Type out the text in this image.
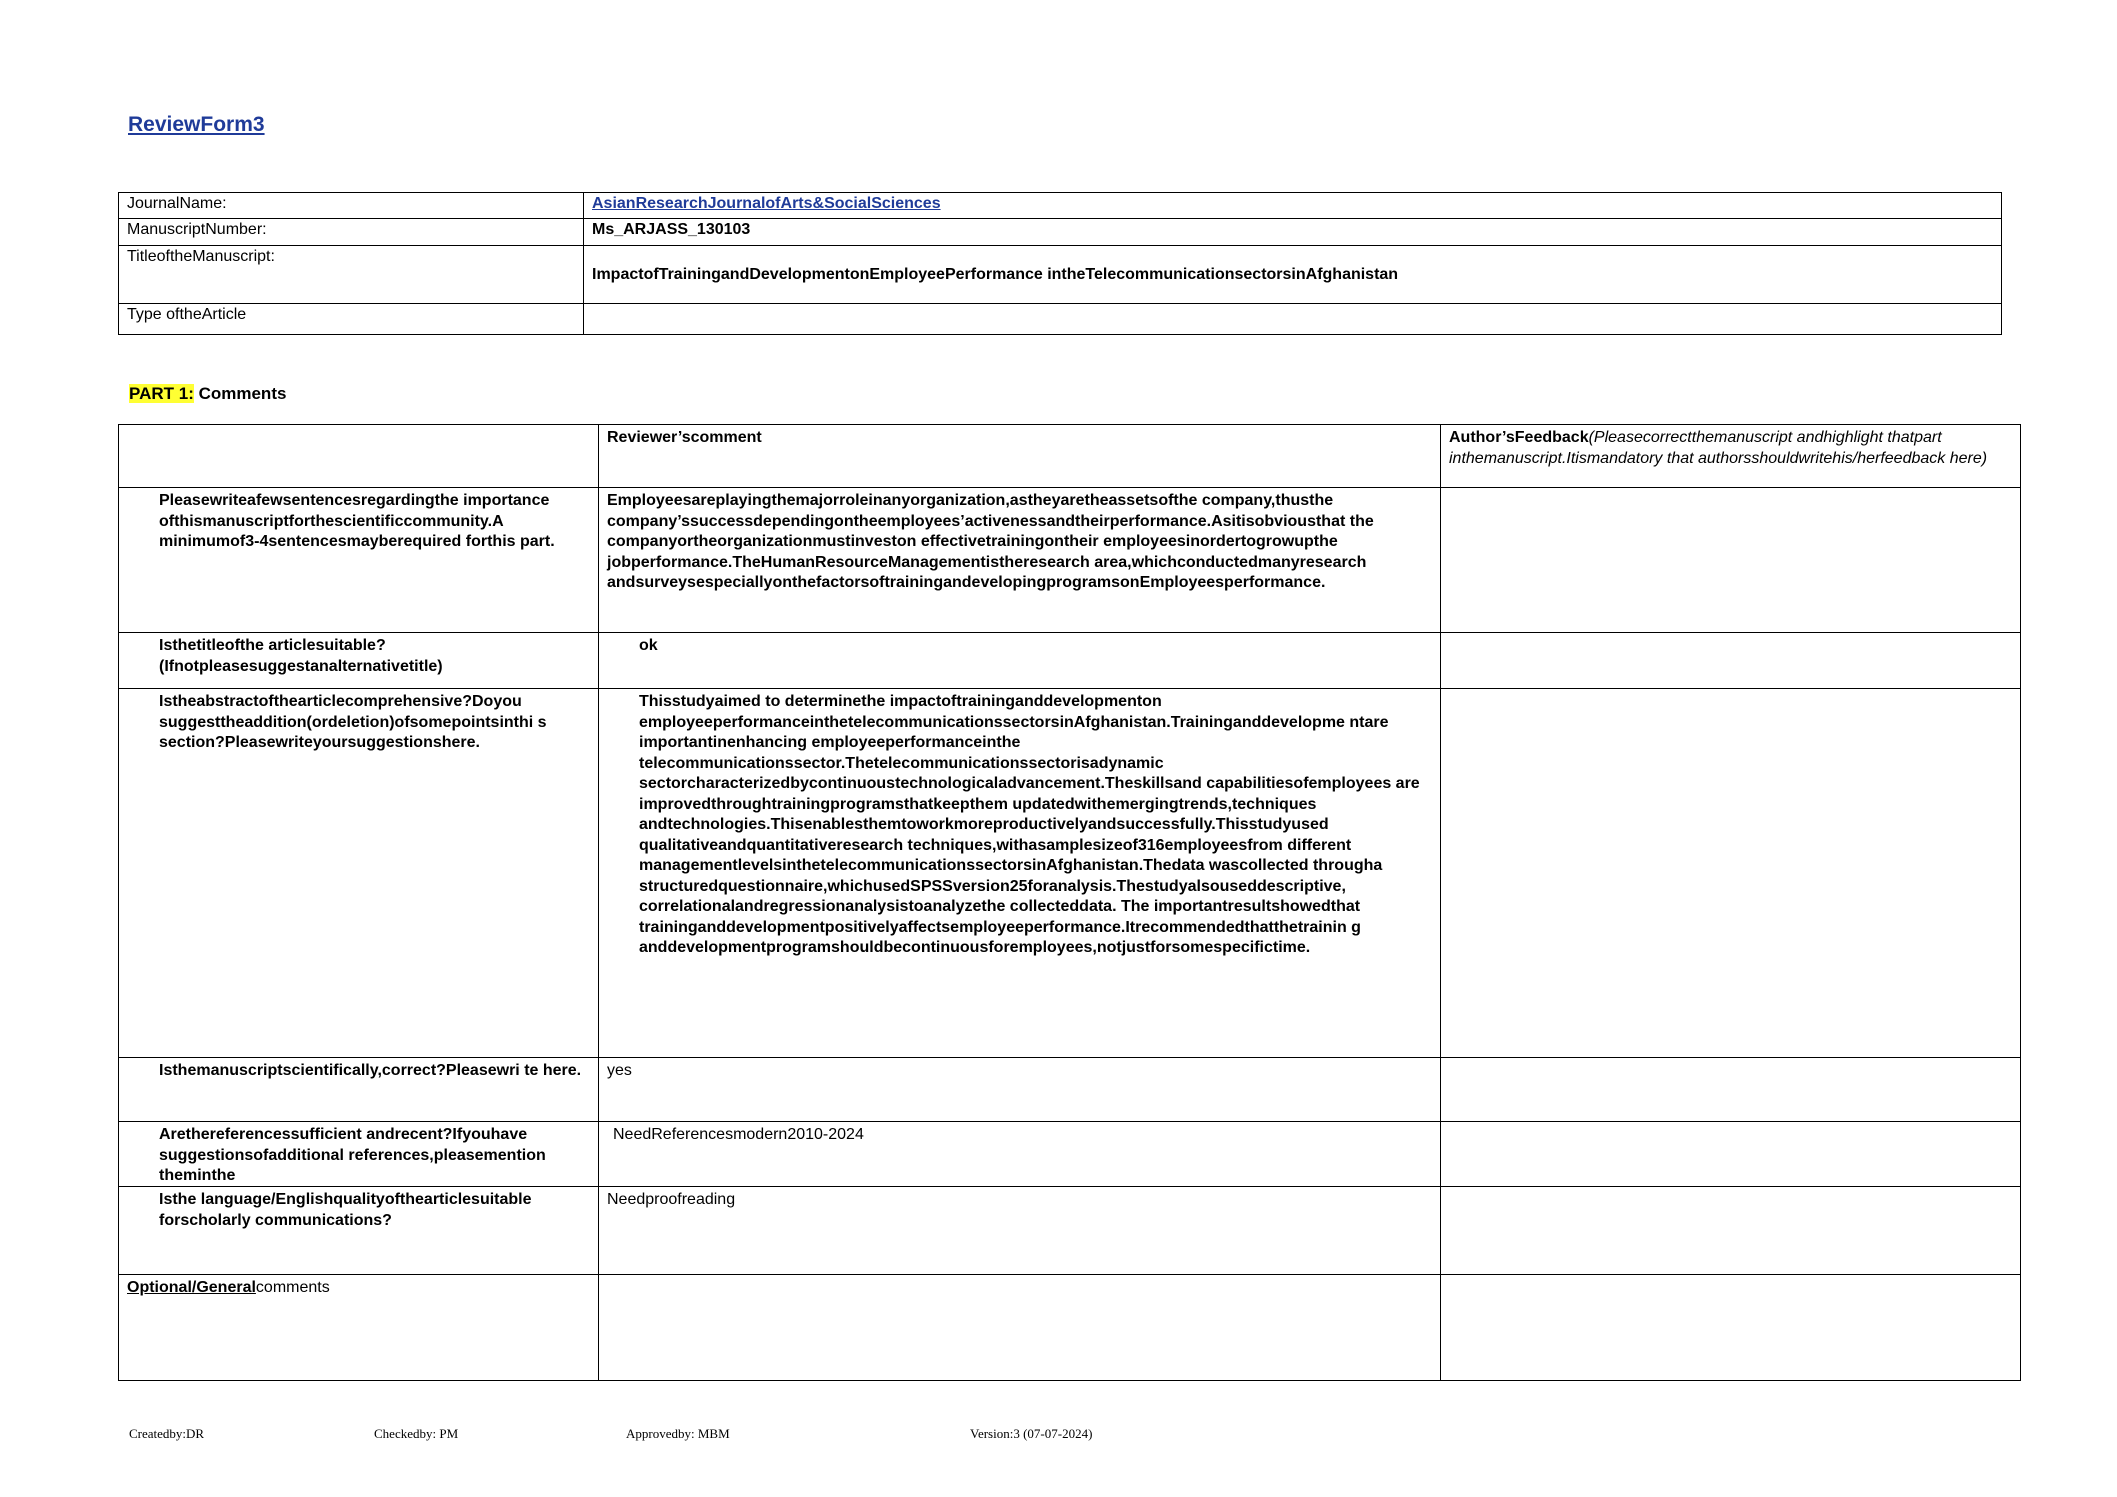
ReviewForm3
JournalName:	AsianResearchJournalofArts&SocialSciences
ManuscriptNumber:	Ms_ARJASS_130103
TitleoftheManuscript:	ImpactofTrainingandDevelopmentonEmployeePerformance intheTelecommunicationsectorsinAfghanistan
Type oftheArticle	
PART 1: Comments
	Reviewer’scomment	Author’sFeedback(Pleasecorrectthemanuscript andhighlight thatpart inthemanuscript.Itismandatory that authorsshouldwritehis/herfeedback here)
Pleasewriteafewsentencesregardingthe importance ofthismanuscriptforthescientificcommunity.A minimumof3-4sentencesmayberequired forthis part.	Employeesareplayingthemajorroleinanyorganization,astheyaretheassetsofthe company,thusthe company’ssuccessdependingontheemployees’activenessandtheirperformance.Asitisobviousthat the companyortheorganizationmustinveston effectivetrainingontheir employeesinordertogrowupthe jobperformance.TheHumanResourceManagementistheresearch area,whichconductedmanyresearch andsurveysespeciallyonthefactorsoftrainingandevelopingprogramsonEmployeesperformance.	
Isthetitleofthe articlesuitable? (Ifnotpleasesuggestanalternativetitle)	ok	
Istheabstractofthearticlecomprehensive?Doyou suggesttheaddition(ordeletion)ofsomepointsinthi s section?Pleasewriteyoursuggestionshere.	Thisstudyaimed to determinethe impactoftraininganddevelopmenton employeeperformanceinthetelecommunicationssectorsinAfghanistan.Traininganddevelopme ntare importantinenhancing employeeperformanceinthe telecommunicationssector.Thetelecommunicationssectorisadynamic sectorcharacterizedbycontinuoustechnologicaladvancement.Theskillsand capabilitiesofemployees are improvedthroughtrainingprogramsthatkeepthem updatedwithemergingtrends,techniques andtechnologies.Thisenablesthemtoworkmoreproductivelyandsuccessfully.Thisstudyused qualitativeandquantitativeresearch techniques,withasamplesizeof316employeesfrom different managementlevelsinthetelecommunicationssectorsinAfghanistan.Thedata wascollected througha structuredquestionnaire,whichusedSPSSversion25foranalysis.Thestudyalsouseddescriptive, correlationalandregressionanalysistoanalyzethe collecteddata. The importantresultshowedthat traininganddevelopmentpositivelyaffectsemployeeperformance.Itrecommendedthatthetrainin g anddevelopmentprogramshouldbecontinuousforemployees,notjustforsomespecifictime.	
Isthemanuscriptscientifically,correct?Pleasewri te here.	yes	

Arethereferencessufficient andrecent?Ifyouhave suggestionsofadditional references,pleasemention theminthe	NeedReferencesmodern2010-2024	
Isthe language/Englishqualityofthearticlesuitable forscholarly communications?	Needproofreading	
Optional/Generalcomments		
Createdby:DR	Checkedby: PM	Approvedby: MBM	Version:3 (07-07-2024)
